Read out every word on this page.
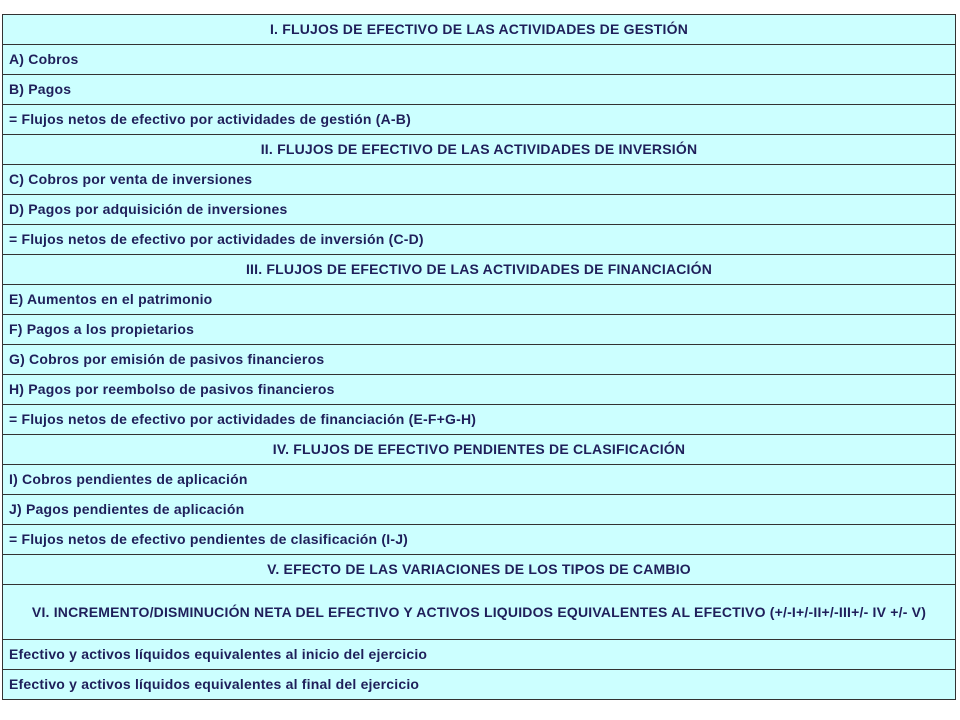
I. FLUJOS DE EFECTIVO DE LAS ACTIVIDADES DE GESTIÓN
A) Cobros
B) Pagos
= Flujos netos de efectivo por actividades de gestión (A-B)
II. FLUJOS DE EFECTIVO DE LAS ACTIVIDADES DE INVERSIÓN
C) Cobros por venta de inversiones
D) Pagos por adquisición de inversiones
= Flujos netos de efectivo por actividades de inversión (C-D)
III. FLUJOS DE EFECTIVO DE LAS ACTIVIDADES DE FINANCIACIÓN
E) Aumentos en el patrimonio
F) Pagos a los propietarios
G) Cobros por emisión de pasivos financieros
H) Pagos por reembolso de pasivos financieros
= Flujos netos de efectivo por actividades de financiación (E-F+G-H)
IV. FLUJOS DE EFECTIVO PENDIENTES DE CLASIFICACIÓN
I) Cobros pendientes de aplicación
J) Pagos pendientes de aplicación
= Flujos netos de efectivo pendientes de clasificación (I-J)
V. EFECTO DE LAS VARIACIONES DE LOS TIPOS DE CAMBIO
VI. INCREMENTO/DISMINUCIÓN NETA DEL EFECTIVO Y ACTIVOS LIQUIDOS EQUIVALENTES AL EFECTIVO (+/-I+/-II+/-III+/- IV +/- V)
Efectivo y activos líquidos equivalentes al inicio del ejercicio
Efectivo y activos líquidos equivalentes al final del ejercicio
